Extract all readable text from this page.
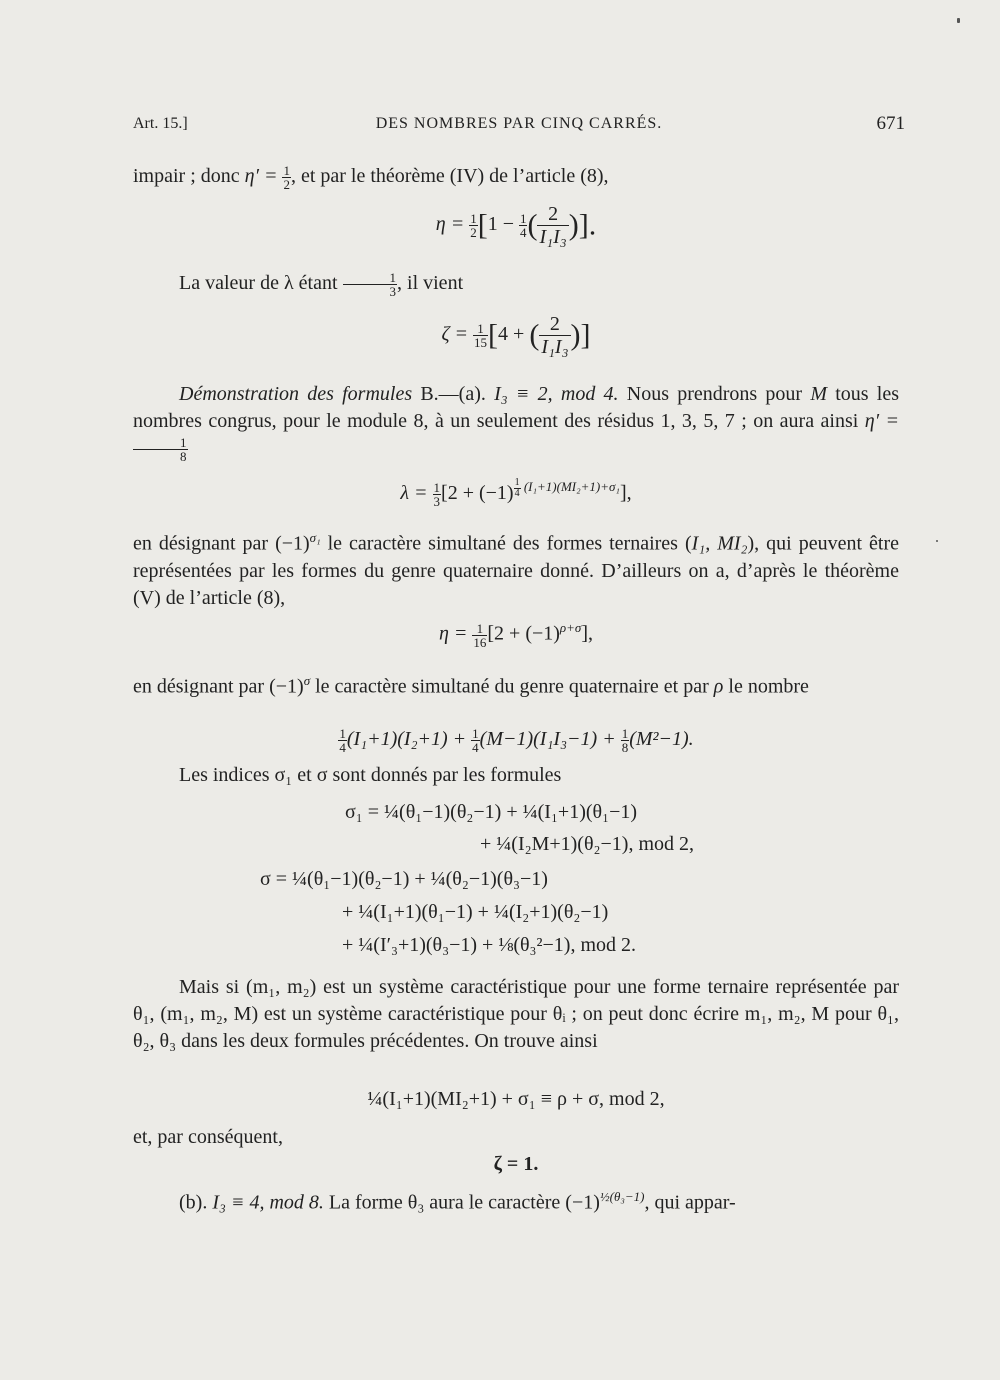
Art. 15.]	DES NOMBRES PAR CINQ CARRÉS.	671
impair ; donc $\eta' = \frac{1}{2}$ , et par le théorème (IV) de l’article (8),
$\eta = \frac{1}{2} [1 - \frac{1}{4}$ ( $\frac{2}{\text{I₁I₃}}$ )].
La valeur de λ étant $\frac{1}{3}$ , il vient
$\zeta = \frac{1}{15} [4$ + ( $\frac{2}{\text{I₁I₃}}$ )]
Démonstration des formules B.—(a). I₃ ≡ 2, mod 4. Nous prendrons pour M tous les nombres congrus, pour le module 8, à un seulement des résidus 1, 3, 5, 7 ; on aura ainsi η′ =
$\frac{1}{8}$
$\lambda = \frac{1}{3} [2 + (-1)$ $^{\frac{1}{4} (I_1+1)(MI_2+1)+\sigma_1}$],
en désignant par $(-1)^{\sigma_1}$ le caractère simultané des formes ternaires (I₁, MI₂), qui peuvent être représentées par les formes du genre quaternaire donné. D’ailleurs on a, d’après le théorème (V) de l’article (8),
$\eta = \frac{1}{16} [2 + (-1)^{\rho+\sigma}]$,
en désignant par $(-1)^\sigma$ le caractère simultané du genre quaternaire et par ρ le nombre
$\frac{1}{4} (I_1+1)(I_2+1) + \frac{1}{4} (M-1)(I_1I_3-1) + \frac{1}{8} (M^2-1)$.
Les indices σ₁ et σ sont donnés par les formules
σ₁ = ¼(θ₁−1)(θ₂−1) + ¼(I₁+1)(θ₁−1)
+ ¼(I₂M+1)(θ₂−1), mod 2,
σ = ¼(θ₁−1)(θ₂−1) + ¼(θ₂−1)(θ₃−1)
+ ¼(I₁+1)(θ₁−1) + ¼(I₂+1)(θ₂−1)
+ ¼(I′₃+1)(θ₃−1) + ⅛(θ₃²−1), mod 2.
Mais si (m₁, m₂) est un système caractéristique pour une forme ternaire représentée par θ₁, (m₁, m₂, M) est un système caractéristique pour θᵢ ; on peut donc écrire m₁, m₂, M pour θ₁, θ₂, θ₃ dans les deux formules précédentes. On trouve ainsi
¼(I₁+1)(MI₂+1) + σ₁ ≡ ρ + σ, mod 2,
et, par conséquent,
ζ = 1.
(b). I₃ ≡ 4, mod 8. La forme θ₃ aura le caractère $(-1)^{\frac{1}{2}(\theta_3-1)}$, qui appar-
